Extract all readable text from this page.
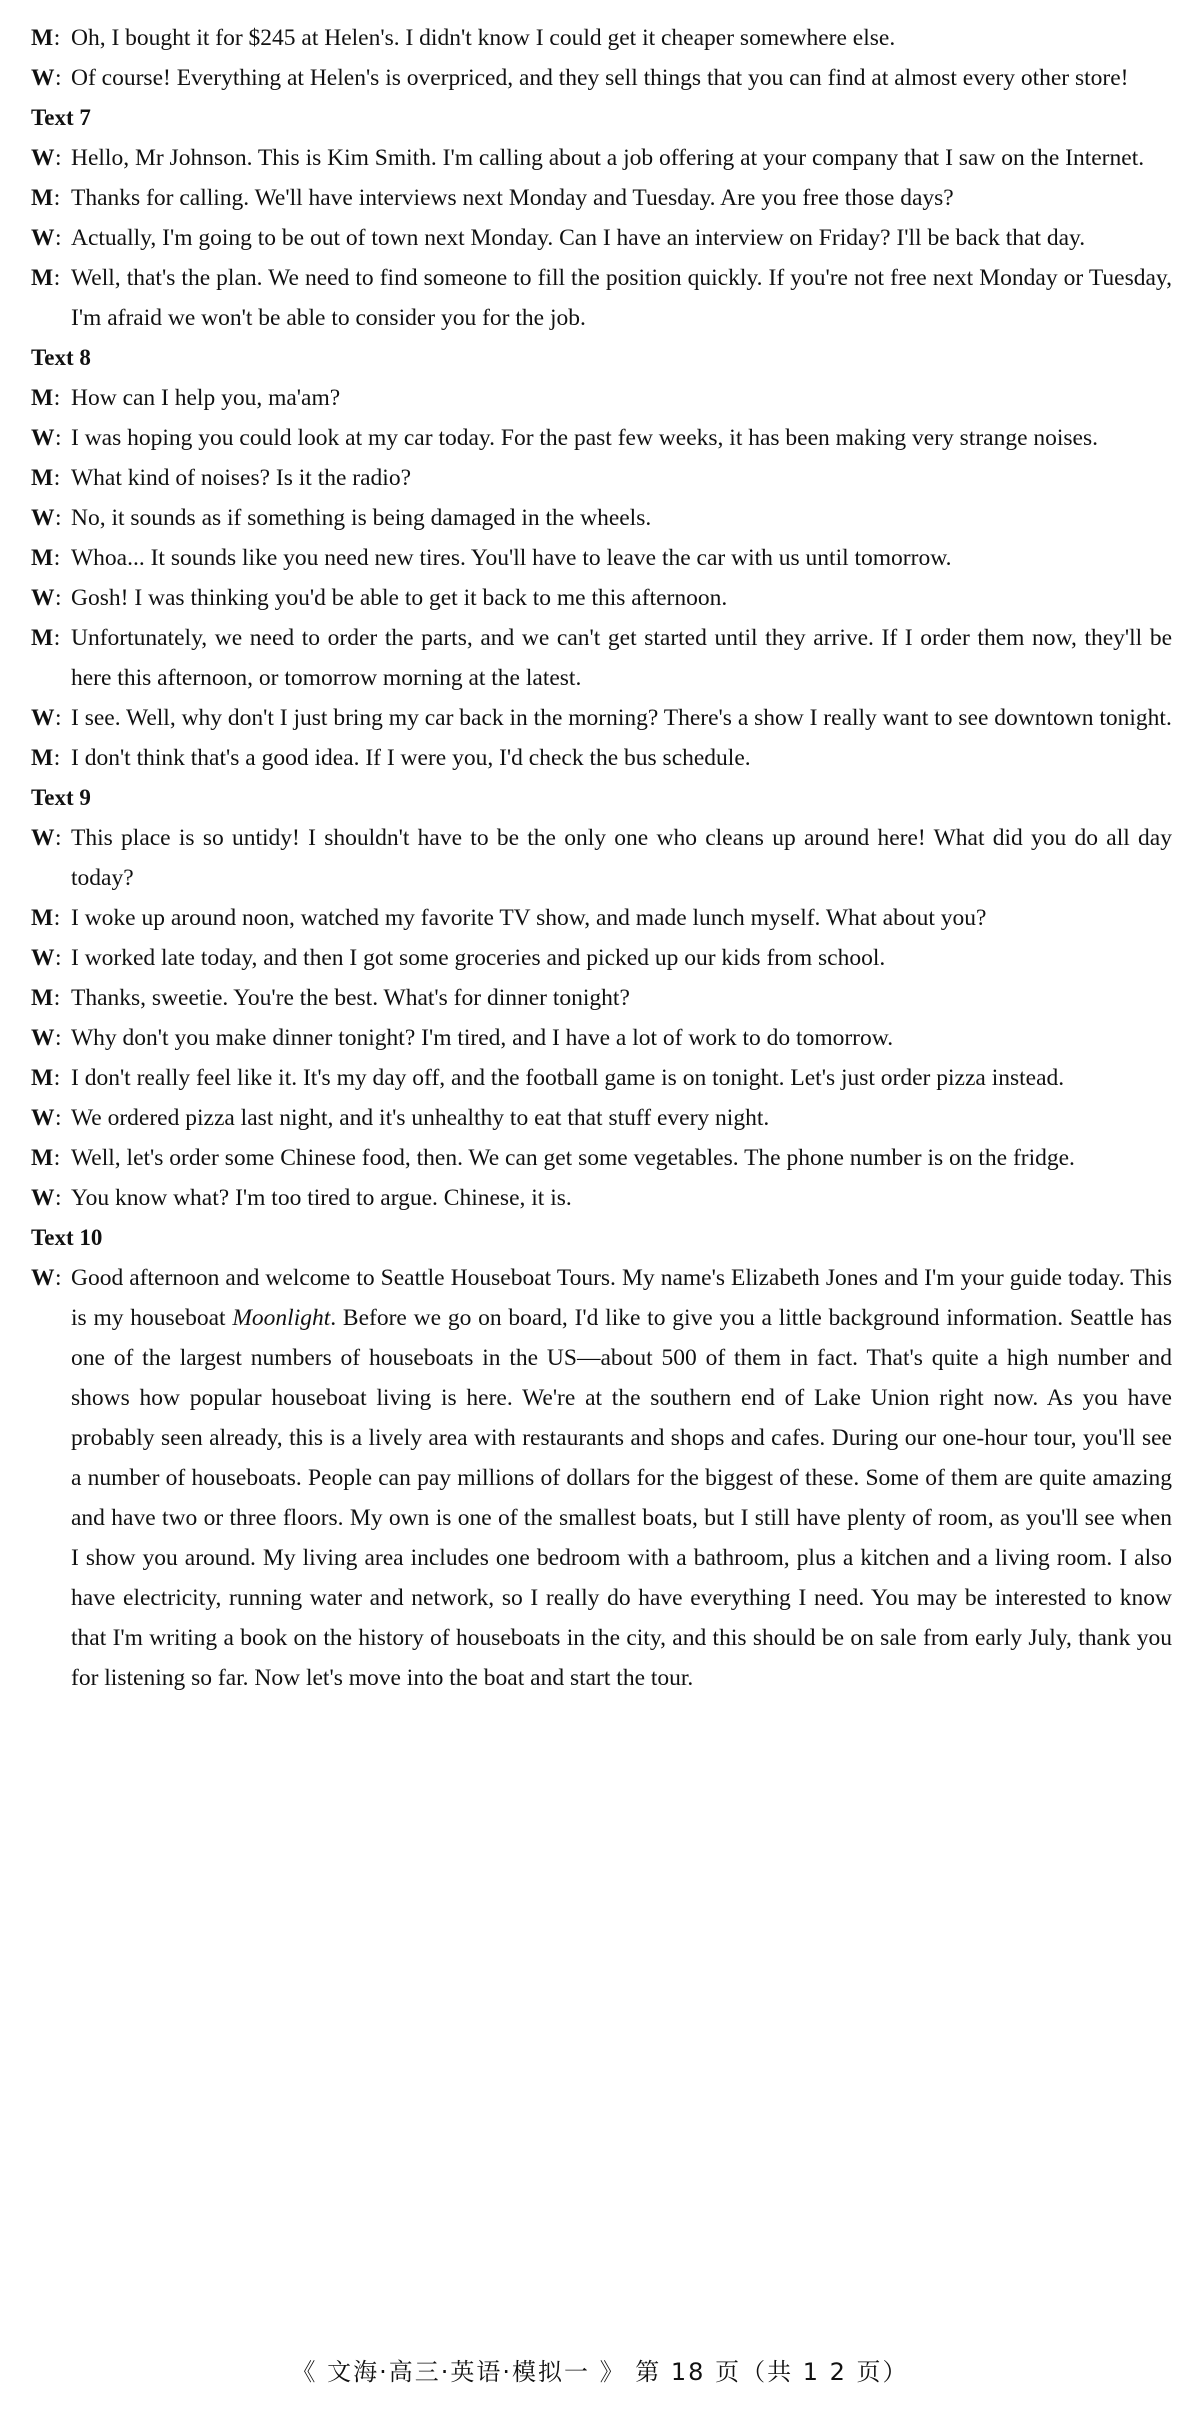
M : Oh, I bought it for $245 at Helen's. I didn't know I could get it cheaper somewhere else.
W : Of course! Everything at Helen's is overpriced, and they sell things that you can find at almost every other store!
Text 7
W : Hello, Mr Johnson. This is Kim Smith. I'm calling about a job offering at your company that I saw on the Internet.
M : Thanks for calling. We'll have interviews next Monday and Tuesday. Are you free those days?
W : Actually, I'm going to be out of town next Monday. Can I have an interview on Friday? I'll be back that day.
M : Well, that's the plan. We need to find someone to fill the position quickly. If you're not free next Monday or Tuesday, I'm afraid we won't be able to consider you for the job.
Text 8
M : How can I help you, ma'am?
W : I was hoping you could look at my car today. For the past few weeks, it has been making very strange noises.
M : What kind of noises? Is it the radio?
W : No, it sounds as if something is being damaged in the wheels.
M : Whoa... It sounds like you need new tires. You'll have to leave the car with us until tomorrow.
W : Gosh! I was thinking you'd be able to get it back to me this afternoon.
M : Unfortunately, we need to order the parts, and we can't get started until they arrive. If I order them now, they'll be here this afternoon, or tomorrow morning at the latest.
W : I see. Well, why don't I just bring my car back in the morning? There's a show I really want to see downtown tonight.
M : I don't think that's a good idea. If I were you, I'd check the bus schedule.
Text 9
W : This place is so untidy! I shouldn't have to be the only one who cleans up around here! What did you do all day today?
M : I woke up around noon, watched my favorite TV show, and made lunch myself. What about you?
W : I worked late today, and then I got some groceries and picked up our kids from school.
M : Thanks, sweetie. You're the best. What's for dinner tonight?
W : Why don't you make dinner tonight? I'm tired, and I have a lot of work to do tomorrow.
M : I don't really feel like it. It's my day off, and the football game is on tonight. Let's just order pizza instead.
W : We ordered pizza last night, and it's unhealthy to eat that stuff every night.
M : Well, let's order some Chinese food, then. We can get some vegetables. The phone number is on the fridge.
W : You know what? I'm too tired to argue. Chinese, it is.
Text 10
W : Good afternoon and welcome to Seattle Houseboat Tours. My name's Elizabeth Jones and I'm your guide today. This is my houseboat Moonlight. Before we go on board, I'd like to give you a little background information. Seattle has one of the largest numbers of houseboats in the US—about 500 of them in fact. That's quite a high number and shows how popular houseboat living is here. We're at the southern end of Lake Union right now. As you have probably seen already, this is a lively area with restaurants and shops and cafes. During our one-hour tour, you'll see a number of houseboats. People can pay millions of dollars for the biggest of these. Some of them are quite amazing and have two or three floors. My own is one of the smallest boats, but I still have plenty of room, as you'll see when I show you around. My living area includes one bedroom with a bathroom, plus a kitchen and a living room. I also have electricity, running water and network, so I really do have everything I need. You may be interested to know that I'm writing a book on the history of houseboats in the city, and this should be on sale from early July, thank you for listening so far. Now let's move into the boat and start the tour.
《 文海·高三·英语·模拟一 》 第 18 页（共 1 2 页）
